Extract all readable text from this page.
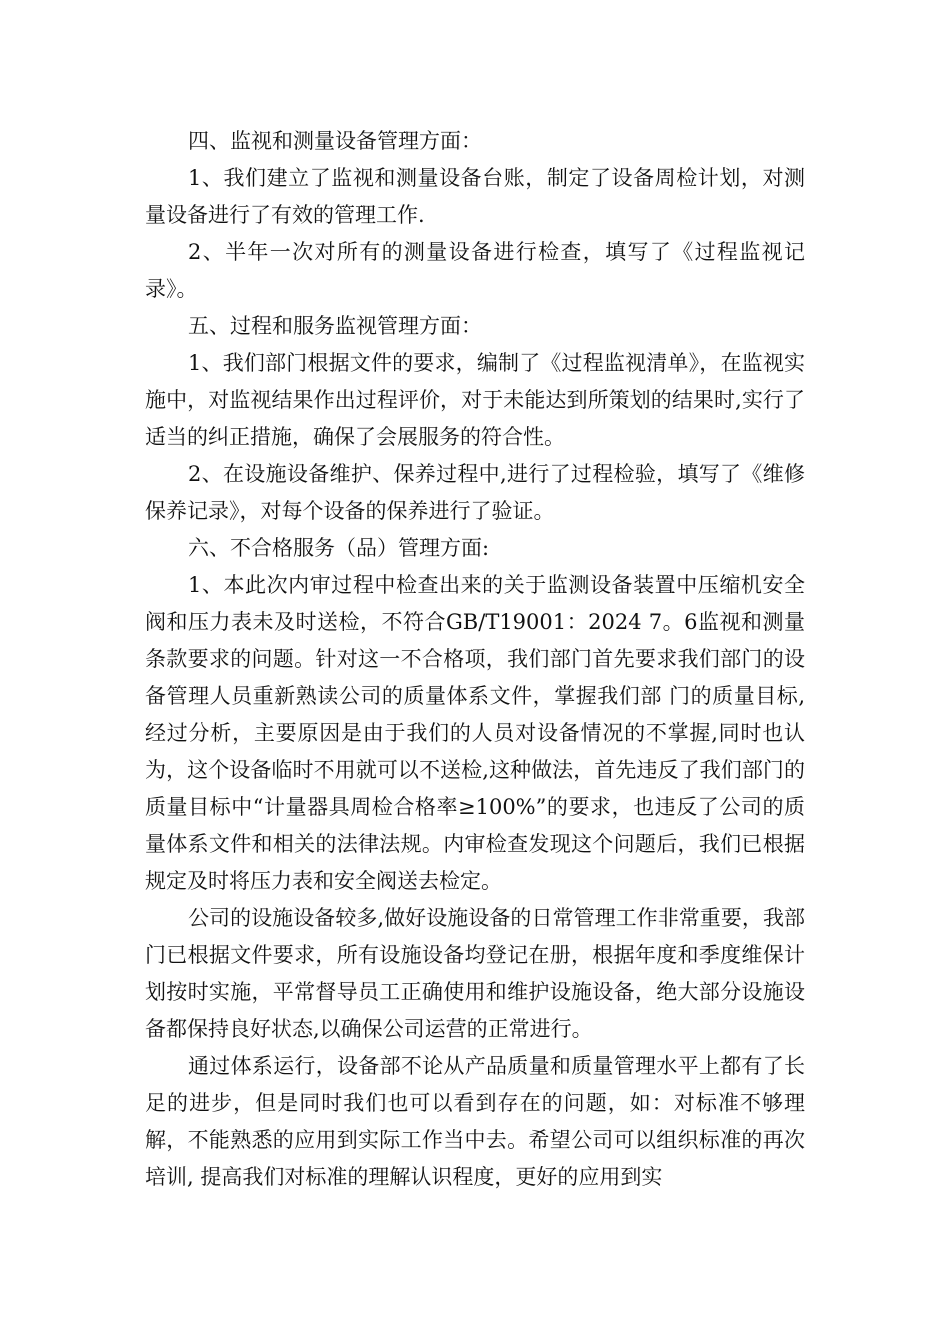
四、监视和测量设备管理方面：

1、我们建立了监视和测量设备台账，制定了设备周检计划，对测量设备进行了有效的管理工作.

2、半年一次对所有的测量设备进行检查，填写了《过程监视记录》。

五、过程和服务监视管理方面：

1、我们部门根据文件的要求，编制了《过程监视清单》，在监视实施中，对监视结果作出过程评价，对于未能达到所策划的结果时,实行了适当的纠正措施，确保了会展服务的符合性。

2、在设施设备维护、保养过程中,进行了过程检验，填写了《维修保养记录》，对每个设备的保养进行了验证。

六、不合格服务（品）管理方面:

1、本此次内审过程中检查出来的关于监测设备装置中压缩机安全阀和压力表未及时送检，不符合GB/T19001：2024 7。6监视和测量条款要求的问题。针对这一不合格项，我们部门首先要求我们部门的设备管理人员重新熟读公司的质量体系文件，掌握我们部 门的质量目标,经过分析，主要原因是由于我们的人员对设备情况的不掌握,同时也认为，这个设备临时不用就可以不送检,这种做法，首先违反了我们部门的质量目标中“计量器具周检合格率≥100%”的要求，也违反了公司的质量体系文件和相关的法律法规。内审检查发现这个问题后，我们已根据规定及时将压力表和安全阀送去检定。

公司的设施设备较多,做好设施设备的日常管理工作非常重要，我部门已根据文件要求，所有设施设备均登记在册，根据年度和季度维保计划按时实施，平常督导员工正确使用和维护设施设备，绝大部分设施设备都保持良好状态,以确保公司运营的正常进行。

通过体系运行，设备部不论从产品质量和质量管理水平上都有了长足的进步，但是同时我们也可以看到存在的问题，如：对标准不够理解，不能熟悉的应用到实际工作当中去。希望公司可以组织标准的再次培训, 提高我们对标准的理解认识程度，更好的应用到实
